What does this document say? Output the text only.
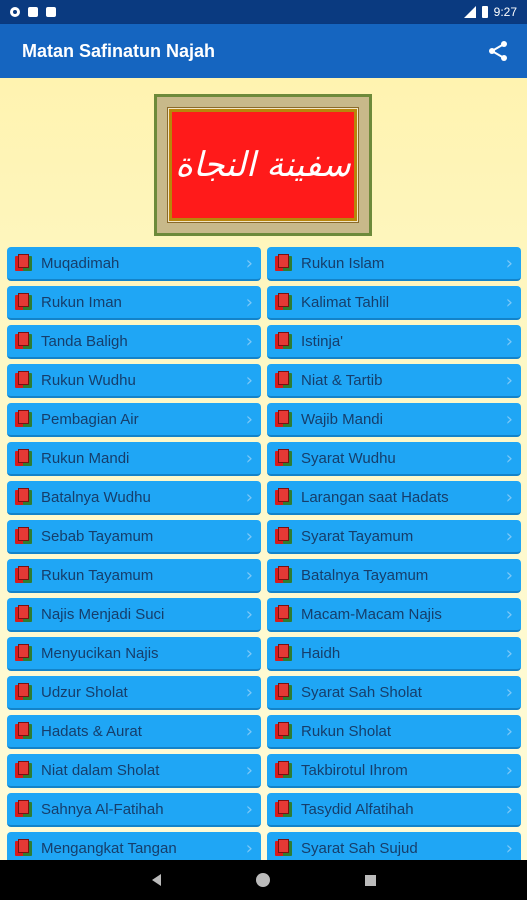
9:27
Matan Safinatun Najah
سفينة النجاة
Muqadimah	›	Rukun Islam	›
Rukun Iman	›	Kalimat Tahlil	›
Tanda Baligh	›	Istinja'	›
Rukun Wudhu	›	Niat & Tartib	›
Pembagian Air	›	Wajib Mandi	›
Rukun Mandi	›	Syarat Wudhu	›
Batalnya Wudhu	›	Larangan saat Hadats	›
Sebab Tayamum	›	Syarat Tayamum	›
Rukun Tayamum	›	Batalnya Tayamum	›
Najis Menjadi Suci	›	Macam-Macam Najis	›
Menyucikan Najis	›	Haidh	›
Udzur Sholat	›	Syarat Sah Sholat	›
Hadats & Aurat	›	Rukun Sholat	›
Niat dalam Sholat	›	Takbirotul Ihrom	›
Sahnya Al-Fatihah	›	Tasydid Alfatihah	›
Mengangkat Tangan	›	Syarat Sah Sujud	›
